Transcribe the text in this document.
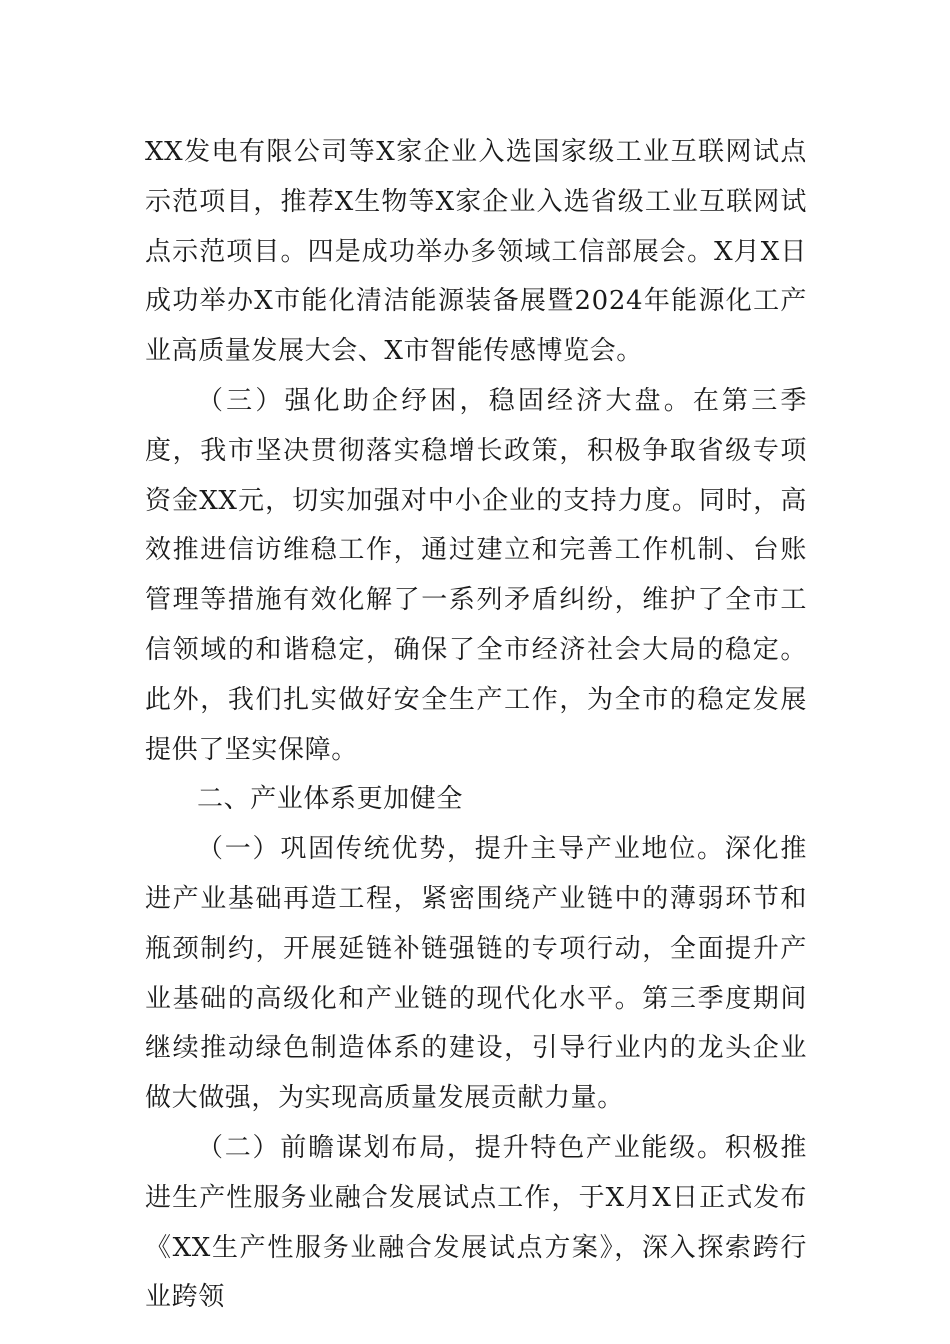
XX发电有限公司等X家企业入选国家级工业互联网试点示范项目，推荐X生物等X家企业入选省级工业互联网试点示范项目。四是成功举办多领域工信部展会。X月X日成功举办X市能化清洁能源装备展暨2024年能源化工产业高质量发展大会、X市智能传感博览会。

（三）强化助企纾困，稳固经济大盘。在第三季度，我市坚决贯彻落实稳增长政策，积极争取省级专项资金XX元，切实加强对中小企业的支持力度。同时，高效推进信访维稳工作，通过建立和完善工作机制、台账管理等措施有效化解了一系列矛盾纠纷，维护了全市工信领域的和谐稳定，确保了全市经济社会大局的稳定。此外，我们扎实做好安全生产工作，为全市的稳定发展提供了坚实保障。

二、产业体系更加健全

（一）巩固传统优势，提升主导产业地位。深化推进产业基础再造工程，紧密围绕产业链中的薄弱环节和瓶颈制约，开展延链补链强链的专项行动，全面提升产业基础的高级化和产业链的现代化水平。第三季度期间继续推动绿色制造体系的建设，引导行业内的龙头企业做大做强，为实现高质量发展贡献力量。

（二）前瞻谋划布局，提升特色产业能级。积极推进生产性服务业融合发展试点工作，于X月X日正式发布《XX生产性服务业融合发展试点方案》，深入探索跨行业跨领
